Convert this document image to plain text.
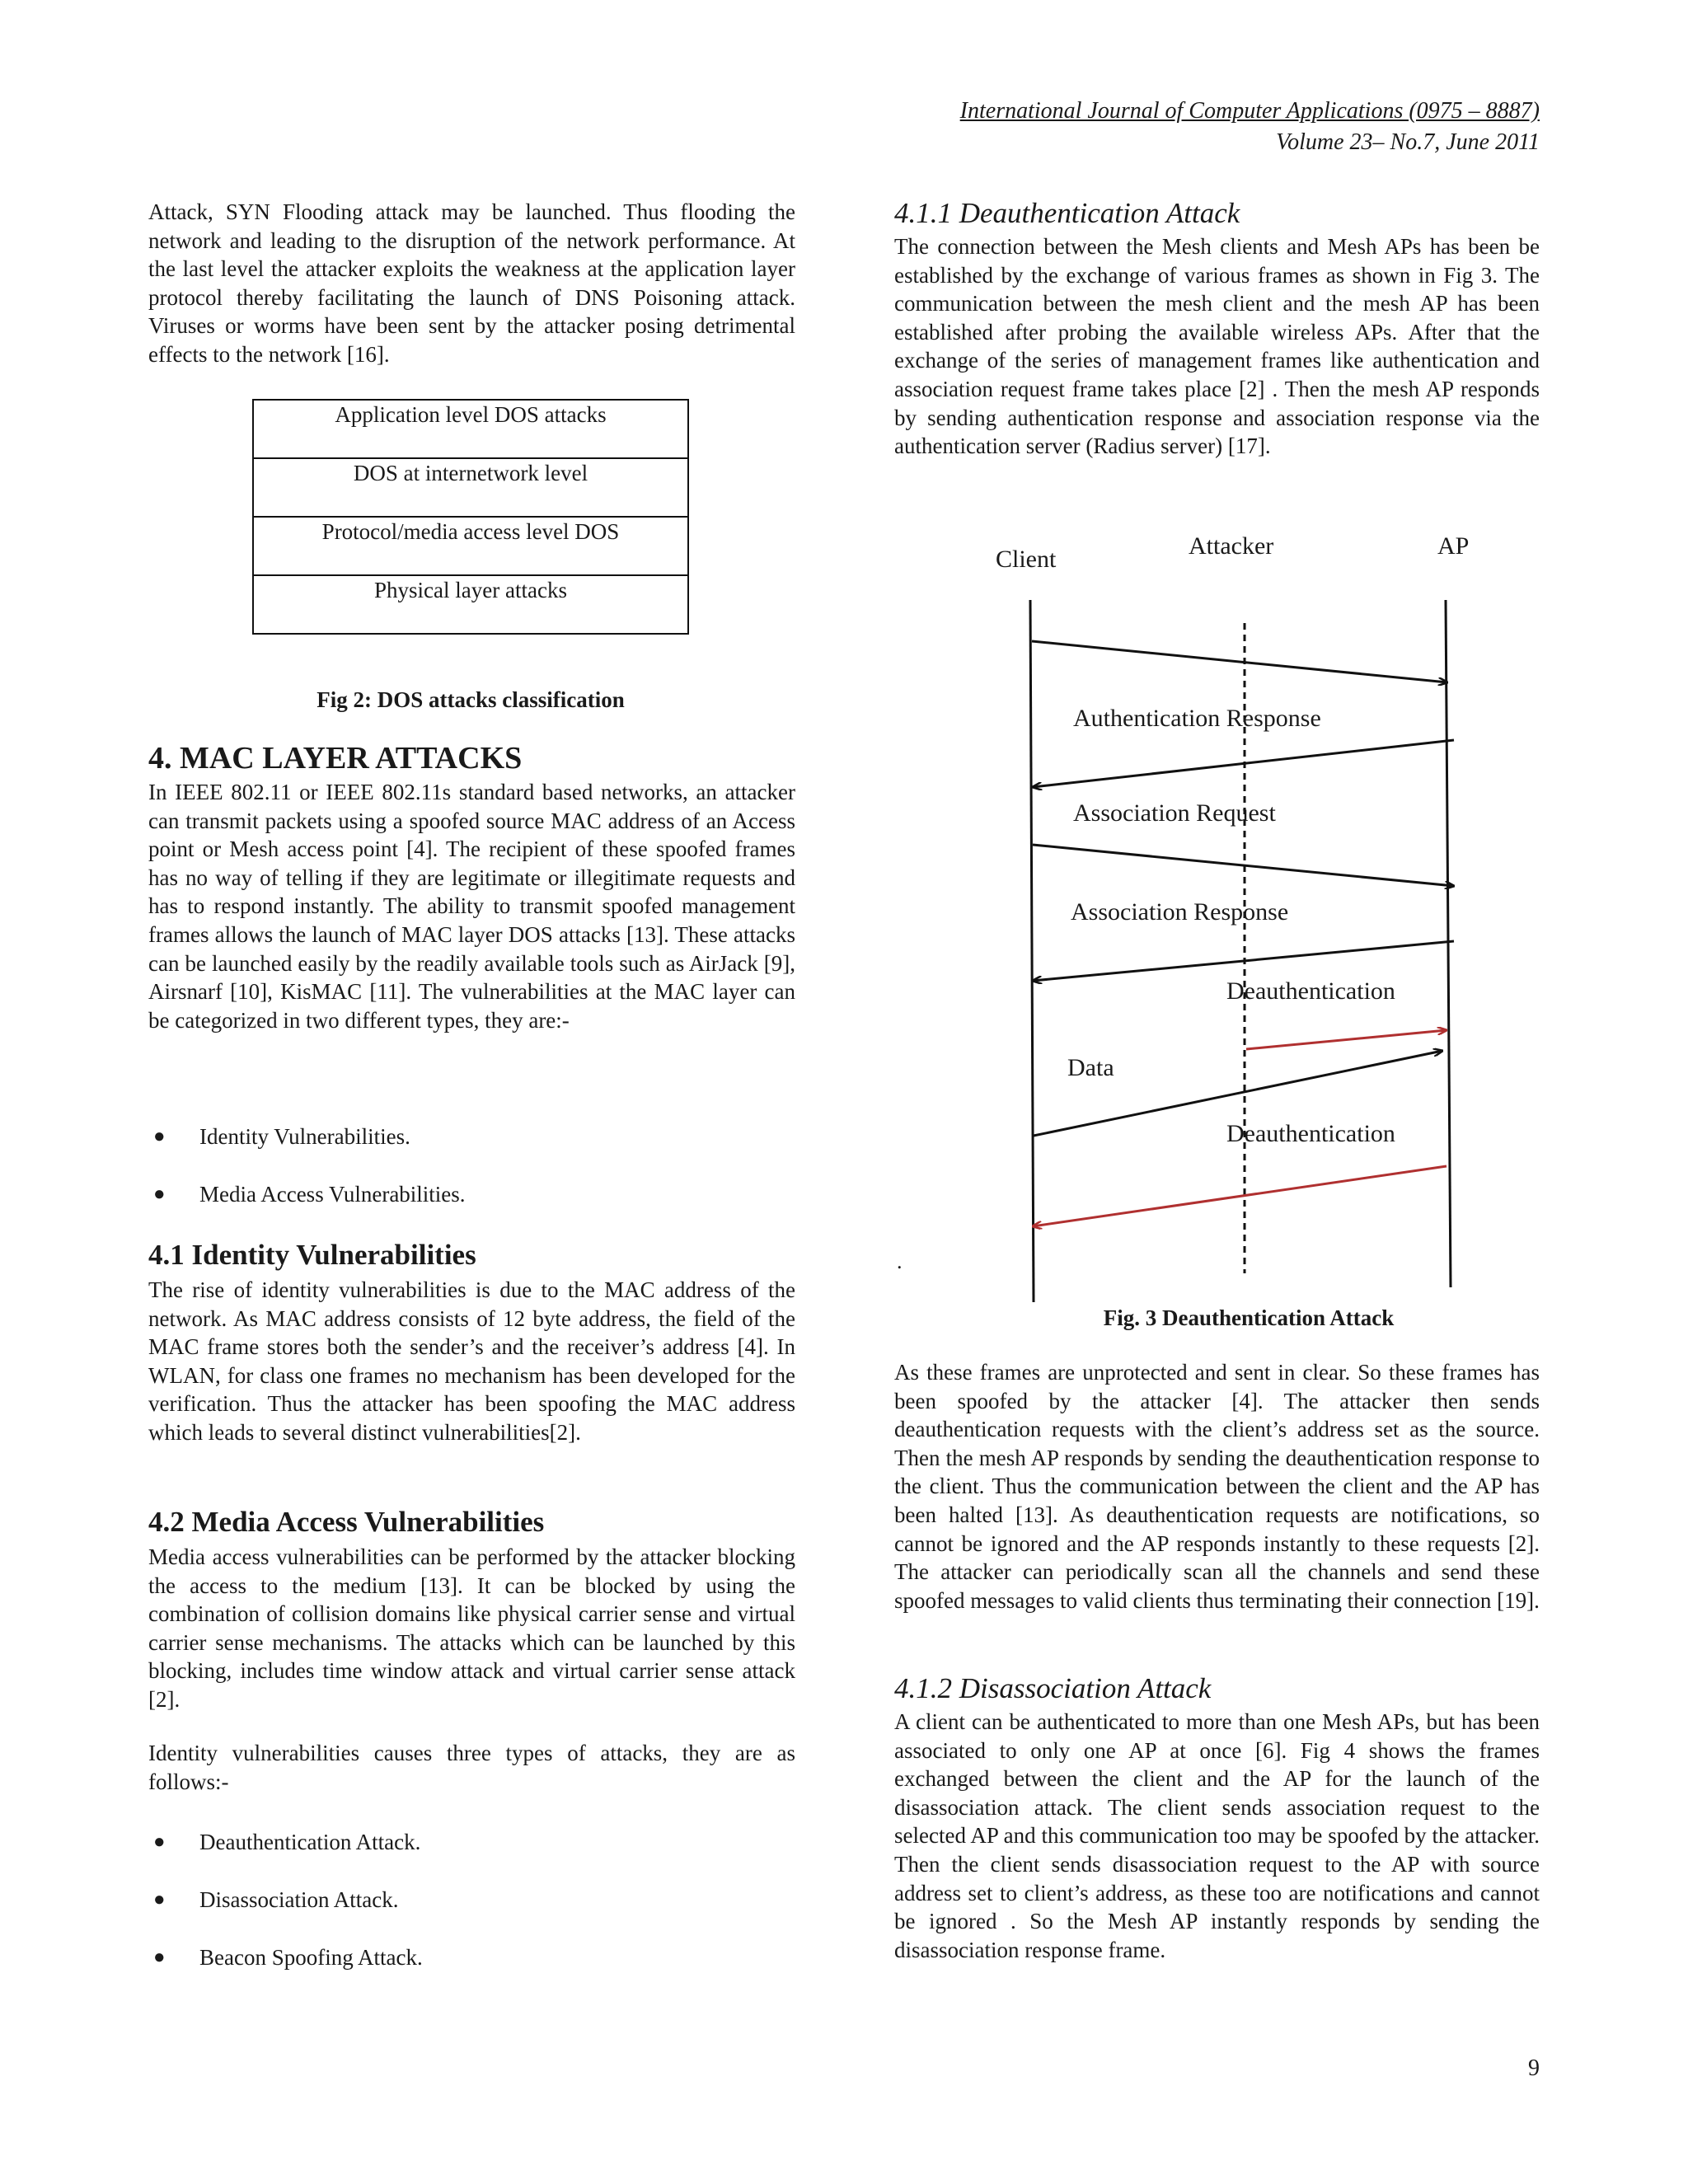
International Journal of Computer Applications (0975 – 8887)
Volume 23– No.7, June 2011

Attack, SYN Flooding attack may be launched. Thus flooding the network and leading to the disruption of the network performance. At the last level the attacker exploits the weakness at the application layer protocol thereby facilitating the launch of DNS Poisoning attack. Viruses or worms have been sent by the attacker posing detrimental effects to the network [16].

Application level DOS attacks
DOS at internetwork level
Protocol/media access level DOS
Physical layer attacks
Fig 2: DOS attacks classification
4. MAC LAYER ATTACKS

In IEEE 802.11 or IEEE 802.11s standard based networks, an attacker can transmit packets using a spoofed source MAC address of an Access point or Mesh access point [4]. The recipient of these spoofed frames has no way of telling if they are legitimate or illegitimate requests and has to respond instantly. The ability to transmit spoofed management frames allows the launch of MAC layer DOS attacks [13]. These attacks can be launched easily by the readily available tools such as AirJack [9], Airsnarf [10], KisMAC [11]. The vulnerabilities at the MAC layer can be categorized in two different types, they are:-

● Identity Vulnerabilities.
● Media Access Vulnerabilities.
4.1 Identity Vulnerabilities

The rise of identity vulnerabilities is due to the MAC address of the network. As MAC address consists of 12 byte address, the field of the MAC frame stores both the sender’s and the receiver’s address [4]. In WLAN, for class one frames no mechanism has been developed for the verification. Thus the attacker has been spoofing the MAC address which leads to several distinct vulnerabilities[2].

4.2 Media Access Vulnerabilities

Media access vulnerabilities can be performed by the attacker blocking the access to the medium [13]. It can be blocked by using the combination of collision domains like physical carrier sense and virtual carrier sense mechanisms. The attacks which can be launched by this blocking, includes time window attack and virtual carrier sense attack [2].

Identity vulnerabilities causes three types of attacks, they are as follows:-

● Deauthentication Attack.
● Disassociation Attack.
● Beacon Spoofing Attack.
4.1.1 Deauthentication Attack

The connection between the Mesh clients and Mesh APs has been be established by the exchange of various frames as shown in Fig 3. The communication between the mesh client and the mesh AP has been established after probing the available wireless APs. After that the exchange of the series of management frames like authentication and association request frame takes place [2] . Then the mesh AP responds by sending authentication response and association response via the authentication server (Radius server) [17].

Client	Attacker	AP
Authentication Response
Association Request
Association Response
Deauthentication
Data
Deauthentication
.
Fig. 3 Deauthentication Attack

As these frames are unprotected and sent in clear. So these frames has been spoofed by the attacker [4]. The attacker then sends deauthentication requests with the client’s address set as the source. Then the mesh AP responds by sending the deauthentication response to the client. Thus the communication between the client and the AP has been halted [13]. As deauthentication requests are notifications, so cannot be ignored and the AP responds instantly to these requests [2]. The attacker can periodically scan all the channels and send these spoofed messages to valid clients thus terminating their connection [19].

4.1.2 Disassociation Attack

A client can be authenticated to more than one Mesh APs, but has been associated to only one AP at once [6]. Fig 4 shows the frames exchanged between the client and the AP for the launch of the disassociation attack. The client sends association request to the selected AP and this communication too may be spoofed by the attacker. Then the client sends disassociation request to the AP with source address set to client’s address, as these too are notifications and cannot be ignored . So the Mesh AP instantly responds by sending the disassociation response frame.

9
